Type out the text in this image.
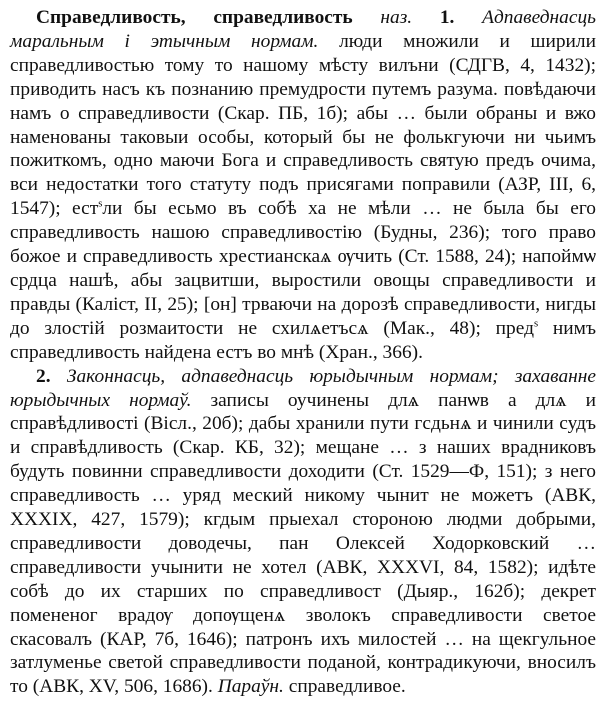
Справедливость, справедливость наз. 1. Адпаведнасць маральным і этычным нормам. люди множили и ширили справедливостью тому то нашому мѣсту вилъни (СДГВ, 4, 1432); приводить насъ къ познанию премудрости путемъ разума. повѣдаючи намъ о справедливости (Скар. ПБ, 1б); абы … были обраны и вжо наменованы таковыи особы, который бы не фолькгуючи ни чьимъ пожиткомъ, одно маючи Бога и справедливость святую предъ очима, вси недостатки того статуту подъ присягами поправили (АЗР, III, 6, 1547); ест$^s$ли бы есьмо въ собѣ ха не мѣли … не была бы его справедливость нашою справедливостію (Будны, 236); того право божое и справедливость хрестианскаѧ ѹчить (Ст. 1588, 24); напоймѡ срдца нашѣ, абы зацвитши, выростили овощы справедливости и правды (Каліст, II, 25); [он] трваючи на дорозѣ справедливости, нигды до злостій розмаитости не схилѧетъсѧ (Мак., 48); пред$^s$ нимъ справедливость найдена естъ во мнѣ (Хран., 366).

2. Законнасць, адпаведнасць юрыдычным нормам; захаванне юрыдычных нормаў. записы оучинены длѧ панѡв а длѧ и справѣдливості (Вісл., 20б); дабы хранили пути гсдьнѧ и чинили судъ и справѣдливость (Скар. КБ, 32); мещане … з наших врадниковъ будуть повинни справедливости доходити (Ст. 1529—Ф, 151); з него справедливость … уряд меский никому чынит не можетъ (АВК, XXXIX, 427, 1579); кгдым прыехал стороною людми добрыми, справедливости доводечы, пан Олексей Ходорковский … справедливости учынити не хотел (АВК, XXXVI, 84, 1582); идѣте собѣ до их старших по справедливост (Дыяр., 162б); декрет помененог врадѹ допѹщенѧ зволокъ справедливости светое скасовалъ (КАР, 7б, 1646); патронъ ихъ милостей … на щекгульное затлуменье светой справедливости поданой, контрадикуючи, вносилъ то (АВК, XV, 506, 1686). Параўн. справедливое.
